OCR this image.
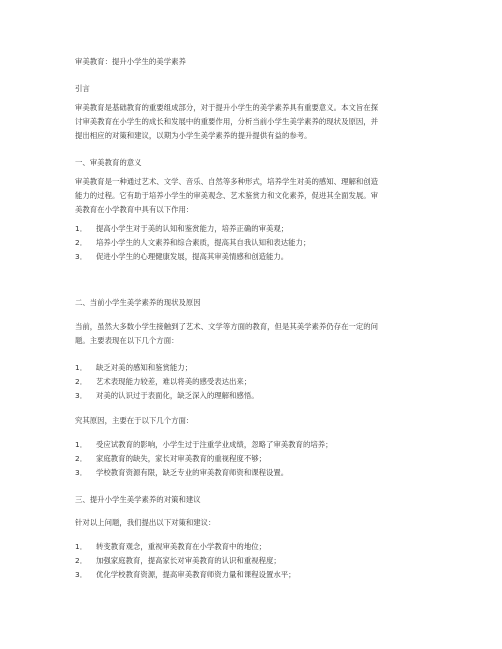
审美教育：提升小学生的美学素养
引言
审美教育是基础教育的重要组成部分，对于提升小学生的美学素养具有重要意义。本文旨在探
讨审美教育在小学生的成长和发展中的重要作用，分析当前小学生美学素养的现状及原因，并
提出相应的对策和建议，以期为小学生美学素养的提升提供有益的参考。
一、审美教育的意义
审美教育是一种通过艺术、文学、音乐、自然等多种形式，培养学生对美的感知、理解和创造
能力的过程。它有助于培养小学生的审美观念、艺术鉴赏力和文化素养，促进其全面发展。审
美教育在小学教育中具有以下作用：
1． 提高小学生对于美的认知和鉴赏能力，培养正确的审美观；
2． 培养小学生的人文素养和综合素质，提高其自我认知和表达能力；
3． 促进小学生的心理健康发展，提高其审美情感和创造能力。
二、当前小学生美学素养的现状及原因
当前，虽然大多数小学生接触到了艺术、文学等方面的教育，但是其美学素养仍存在一定的问
题。主要表现在以下几个方面：
1． 缺乏对美的感知和鉴赏能力；
2． 艺术表现能力较差，难以将美的感受表达出来；
3． 对美的认识过于表面化，缺乏深入的理解和感悟。
究其原因，主要在于以下几个方面：
1． 受应试教育的影响，小学生过于注重学业成绩，忽略了审美教育的培养；
2． 家庭教育的缺失，家长对审美教育的重视程度不够；
3． 学校教育资源有限，缺乏专业的审美教育师资和课程设置。
三、提升小学生美学素养的对策和建议
针对以上问题，我们提出以下对策和建议：
1． 转变教育观念，重视审美教育在小学教育中的地位；
2． 加强家庭教育，提高家长对审美教育的认识和重视程度；
3． 优化学校教育资源，提高审美教育师资力量和课程设置水平；
